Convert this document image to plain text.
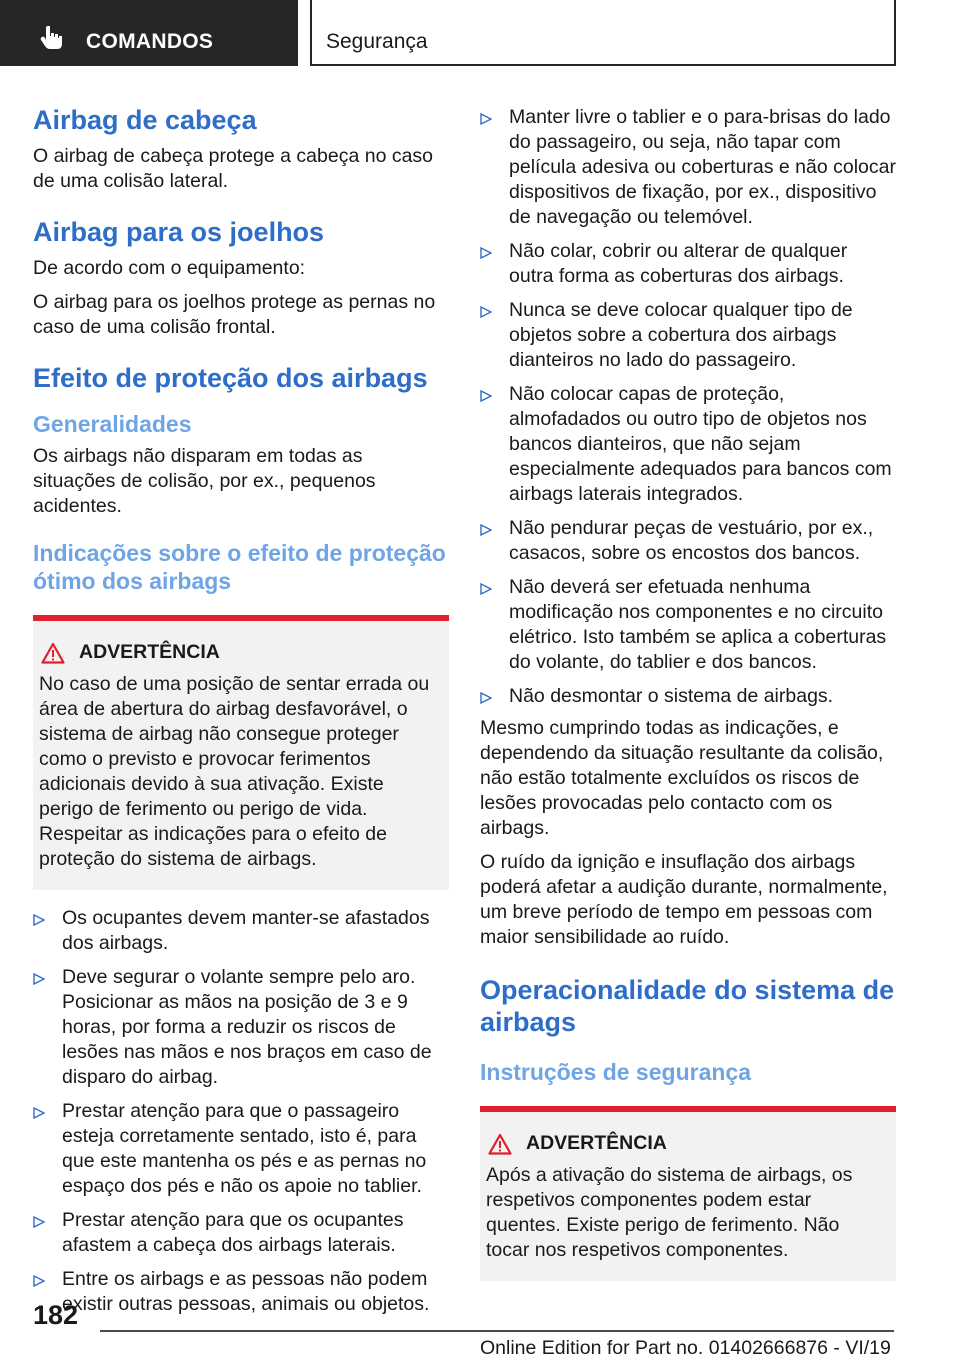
COMANDOS	Segurança
Airbag de cabeça

O airbag de cabeça protege a cabeça no caso de uma colisão lateral.

Airbag para os joelhos

De acordo com o equipamento:

O airbag para os joelhos protege as pernas no caso de uma colisão frontal.

Efeito de proteção dos airbags
Generalidades

Os airbags não disparam em todas as situações de colisão, por ex., pequenos acidentes.

Indicações sobre o efeito de proteção ótimo dos airbags
ADVERTÊNCIA

No caso de uma posição de sentar errada ou área de abertura do airbag desfavorável, o sistema de airbag não consegue proteger como o previsto e provocar ferimentos adicionais devido à sua ativação. Existe perigo de ferimento ou perigo de vida. Respeitar as indicações para o efeito de proteção do sistema de airbags.

Os ocupantes devem manter-se afastados dos airbags.
Deve segurar o volante sempre pelo aro. Posicionar as mãos na posição de 3 e 9 horas, por forma a reduzir os riscos de lesões nas mãos e nos braços em caso de disparo do airbag.
Prestar atenção para que o passageiro esteja corretamente sentado, isto é, para que este mantenha os pés e as pernas no espaço dos pés e não os apoie no tablier.
Prestar atenção para que os ocupantes afastem a cabeça dos airbags laterais.
Entre os airbags e as pessoas não podem existir outras pessoas, animais ou objetos.
Manter livre o tablier e o para-brisas do lado do passageiro, ou seja, não tapar com película adesiva ou coberturas e não colocar dispositivos de fixação, por ex., dispositivo de navegação ou telemóvel.
Não colar, cobrir ou alterar de qualquer outra forma as coberturas dos airbags.
Nunca se deve colocar qualquer tipo de objetos sobre a cobertura dos airbags dianteiros no lado do passageiro.
Não colocar capas de proteção, almofadados ou outro tipo de objetos nos bancos dianteiros, que não sejam especialmente adequados para bancos com airbags laterais integrados.
Não pendurar peças de vestuário, por ex., casacos, sobre os encostos dos bancos.
Não deverá ser efetuada nenhuma modificação nos componentes e no circuito elétrico. Isto também se aplica a coberturas do volante, do tablier e dos bancos.
Não desmontar o sistema de airbags.

Mesmo cumprindo todas as indicações, e dependendo da situação resultante da colisão, não estão totalmente excluídos os riscos de lesões provocadas pelo contacto com os airbags.

O ruído da ignição e insuflação dos airbags poderá afetar a audição durante, normalmente, um breve período de tempo em pessoas com maior sensibilidade ao ruído.

Operacionalidade do sistema de airbags
Instruções de segurança
ADVERTÊNCIA

Após a ativação do sistema de airbags, os respetivos componentes podem estar quentes. Existe perigo de ferimento. Não tocar nos respetivos componentes.

182
Online Edition for Part no. 01402666876 - VI/19
